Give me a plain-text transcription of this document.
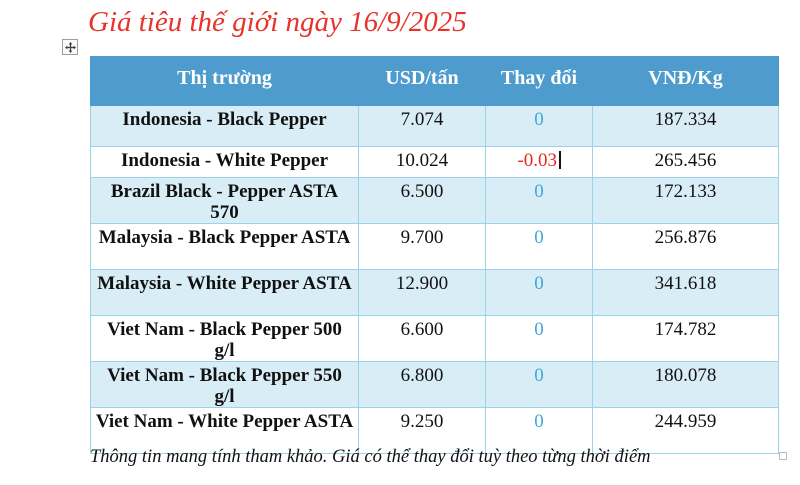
Giá tiêu thế giới ngày 16/9/2025
Thị trường	USD/tấn	Thay đổi	VNĐ/Kg
Indonesia - Black Pepper	7.074	0	187.334
Indonesia - White Pepper	10.024	-0.03	265.456
Brazil Black - Pepper ASTA 570	6.500	0	172.133
Malaysia - Black Pepper ASTA	9.700	0	256.876
Malaysia - White Pepper ASTA	12.900	0	341.618
Viet Nam - Black Pepper 500 g/l	6.600	0	174.782
Viet Nam - Black Pepper 550 g/l	6.800	0	180.078
Viet Nam - White Pepper ASTA	9.250	0	244.959
Thông tin mang tính tham khảo. Giá có thể thay đổi tuỳ theo từng thời điểm
